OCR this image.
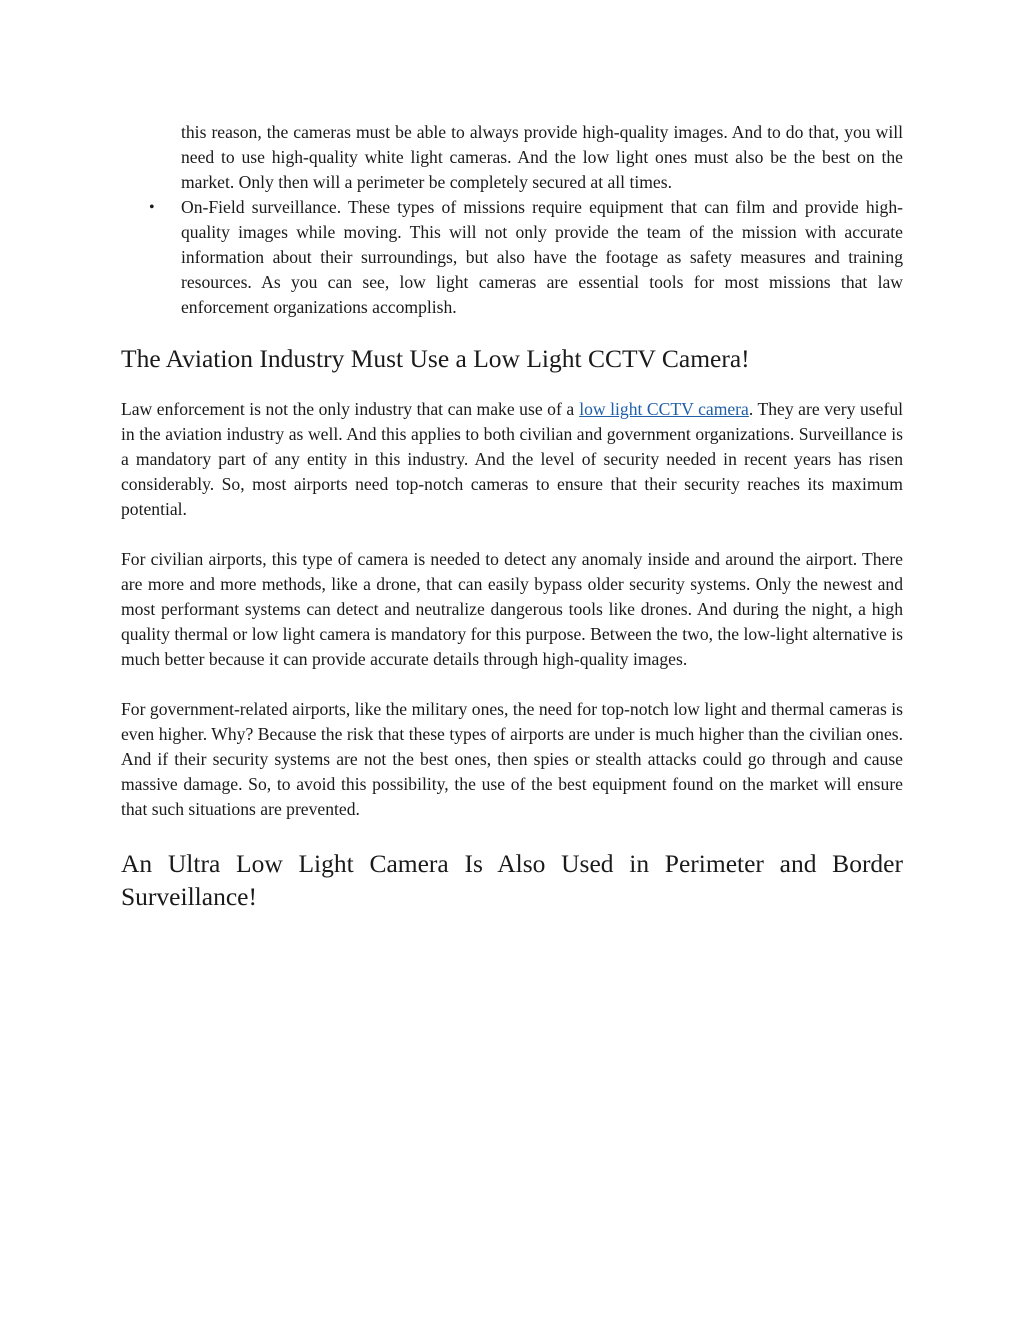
this reason, the cameras must be able to always provide high-quality images. And to do that, you will need to use high-quality white light cameras. And the low light ones must also be the best on the market. Only then will a perimeter be completely secured at all times.
• On-Field surveillance. These types of missions require equipment that can film and provide high-quality images while moving. This will not only provide the team of the mission with accurate information about their surroundings, but also have the footage as safety measures and training resources. As you can see, low light cameras are essential tools for most missions that law enforcement organizations accomplish.
The Aviation Industry Must Use a Low Light CCTV Camera!

Law enforcement is not the only industry that can make use of a low light CCTV camera. They are very useful in the aviation industry as well. And this applies to both civilian and government organizations. Surveillance is a mandatory part of any entity in this industry. And the level of security needed in recent years has risen considerably. So, most airports need top-notch cameras to ensure that their security reaches its maximum potential.

For civilian airports, this type of camera is needed to detect any anomaly inside and around the airport. There are more and more methods, like a drone, that can easily bypass older security systems. Only the newest and most performant systems can detect and neutralize dangerous tools like drones. And during the night, a high quality thermal or low light camera is mandatory for this purpose. Between the two, the low-light alternative is much better because it can provide accurate details through high-quality images.

For government-related airports, like the military ones, the need for top-notch low light and thermal cameras is even higher. Why? Because the risk that these types of airports are under is much higher than the civilian ones. And if their security systems are not the best ones, then spies or stealth attacks could go through and cause massive damage. So, to avoid this possibility, the use of the best equipment found on the market will ensure that such situations are prevented.

An Ultra Low Light Camera Is Also Used in Perimeter and Border Surveillance!
